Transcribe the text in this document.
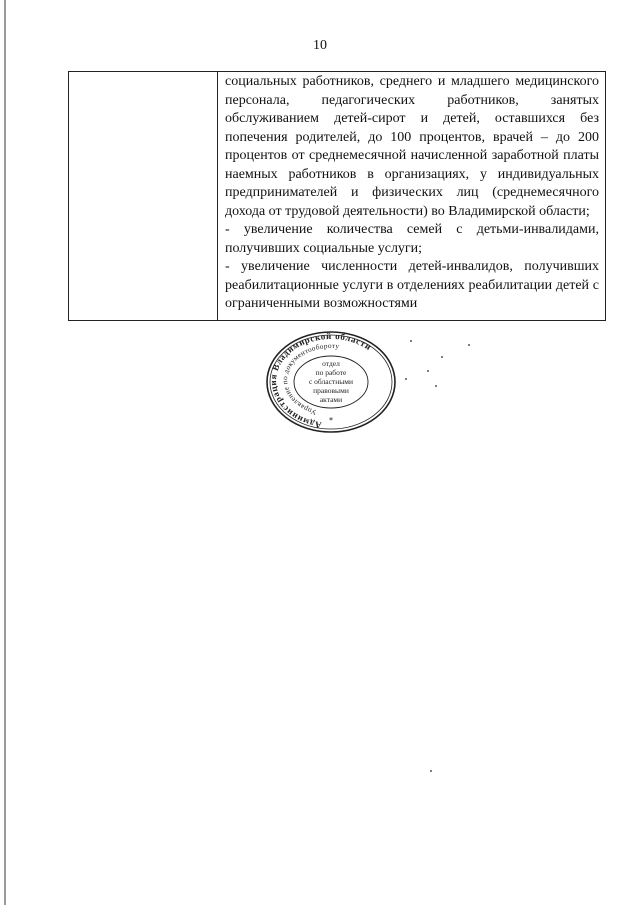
10

социальных работников, среднего и младшего медицинского персонала, педагогических работников, занятых обслуживанием детей-сирот и детей, оставшихся без попечения родителей, до 100 процентов, врачей – до 200 процентов от среднемесячной начисленной заработной платы наемных работников в организациях, у индивидуальных предпринимателей и физических лиц (среднемесячного дохода от трудовой деятельности) во Владимирской области;

- увеличение количества семей с детьми-инвалидами, получивших социальные услуги;

- увеличение численности детей-инвалидов, получивших реабилитационные услуги в отделениях реабилитации детей с ограниченными возможностями

Администрация Владимирской области
Управление по документообороту
*
отдел
по работе
с областными
правовыми
актами
